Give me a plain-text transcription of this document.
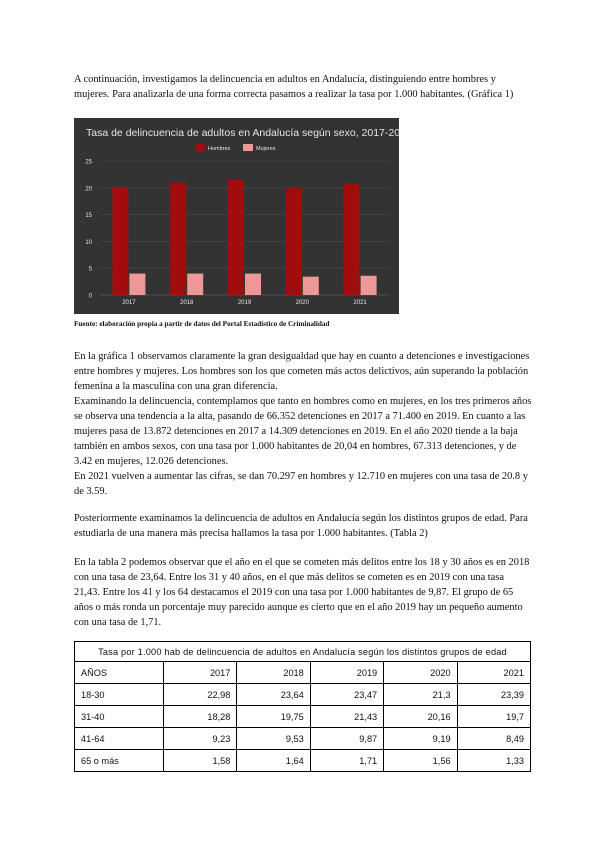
A continuación, investigamos la delincuencia en adultos en Andalucía, distinguiendo entre hombres y mujeres. Para analizarla de una forma correcta pasamos a realizar la tasa por 1.000 habitantes. (Gráfica 1)

Tasa de delincuencia de adultos en Andalucía según sexo, 2017-2021
Hombres	Mujeres
0
5
10
15
20
25
2017	2018	2019	2020	2021

Fuente: elaboración propia a partir de datos del Portal Estadístico de Criminalidad

En la gráfica 1 observamos claramente la gran desigualdad que hay en cuanto a detenciones e investigaciones entre hombres y mujeres. Los hombres son los que cometen más actos delictivos, aún superando la población femenina a la masculina con una gran diferencia.

Examinando la delincuencia, contemplamos que tanto en hombres como en mujeres, en los tres primeros años se observa una tendencia a la alta, pasando de 66.352 detenciones en 2017 a 71.400 en 2019. En cuanto a las mujeres pasa de 13.872 detenciones en 2017 a 14.309 detenciones en 2019. En el año 2020 tiende a la baja también en ambos sexos, con una tasa por 1.000 habitantes de 20,04 en hombres, 67.313 detenciones, y de 3.42 en mujeres, 12.026 detenciones.

En 2021 vuelven a aumentar las cifras, se dan 70.297 en hombres y 12.710 en mujeres con una tasa de 20.8 y de 3.59.

Posteriormente examinamos la delincuencia de adultos en Andalucía según los distintos grupos de edad. Para estudiarla de una manera más precisa hallamos la tasa por 1.000 habitantes. (Tabla 2)

En la tabla 2 podemos observar que el año en el que se cometen más delitos entre los 18 y 30 años es en 2018 con una tasa de 23,64. Entre los 31 y 40 años, en el que más delitos se cometen es en 2019 con una tasa 21,43. Entre los 41 y los 64 destacamos el 2019 con una tasa por 1.000 habitantes de 9,87. El grupo de 65 años o más ronda un porcentaje muy parecido aunque es cierto que en el año 2019 hay un pequeño aumento con una tasa de 1,71.

Tasa por 1.000 hab de delincuencia de adultos en Andalucía según los distintos grupos de edad					
AÑOS	2017	2018	2019	2020	2021
18-30	22,98	23,64	23,47	21,3	23,39
31-40	18,28	19,75	21,43	20,16	19,7
41-64	9,23	9,53	9,87	9,19	8,49
65 o más	1,58	1,64	1,71	1,56	1,33
